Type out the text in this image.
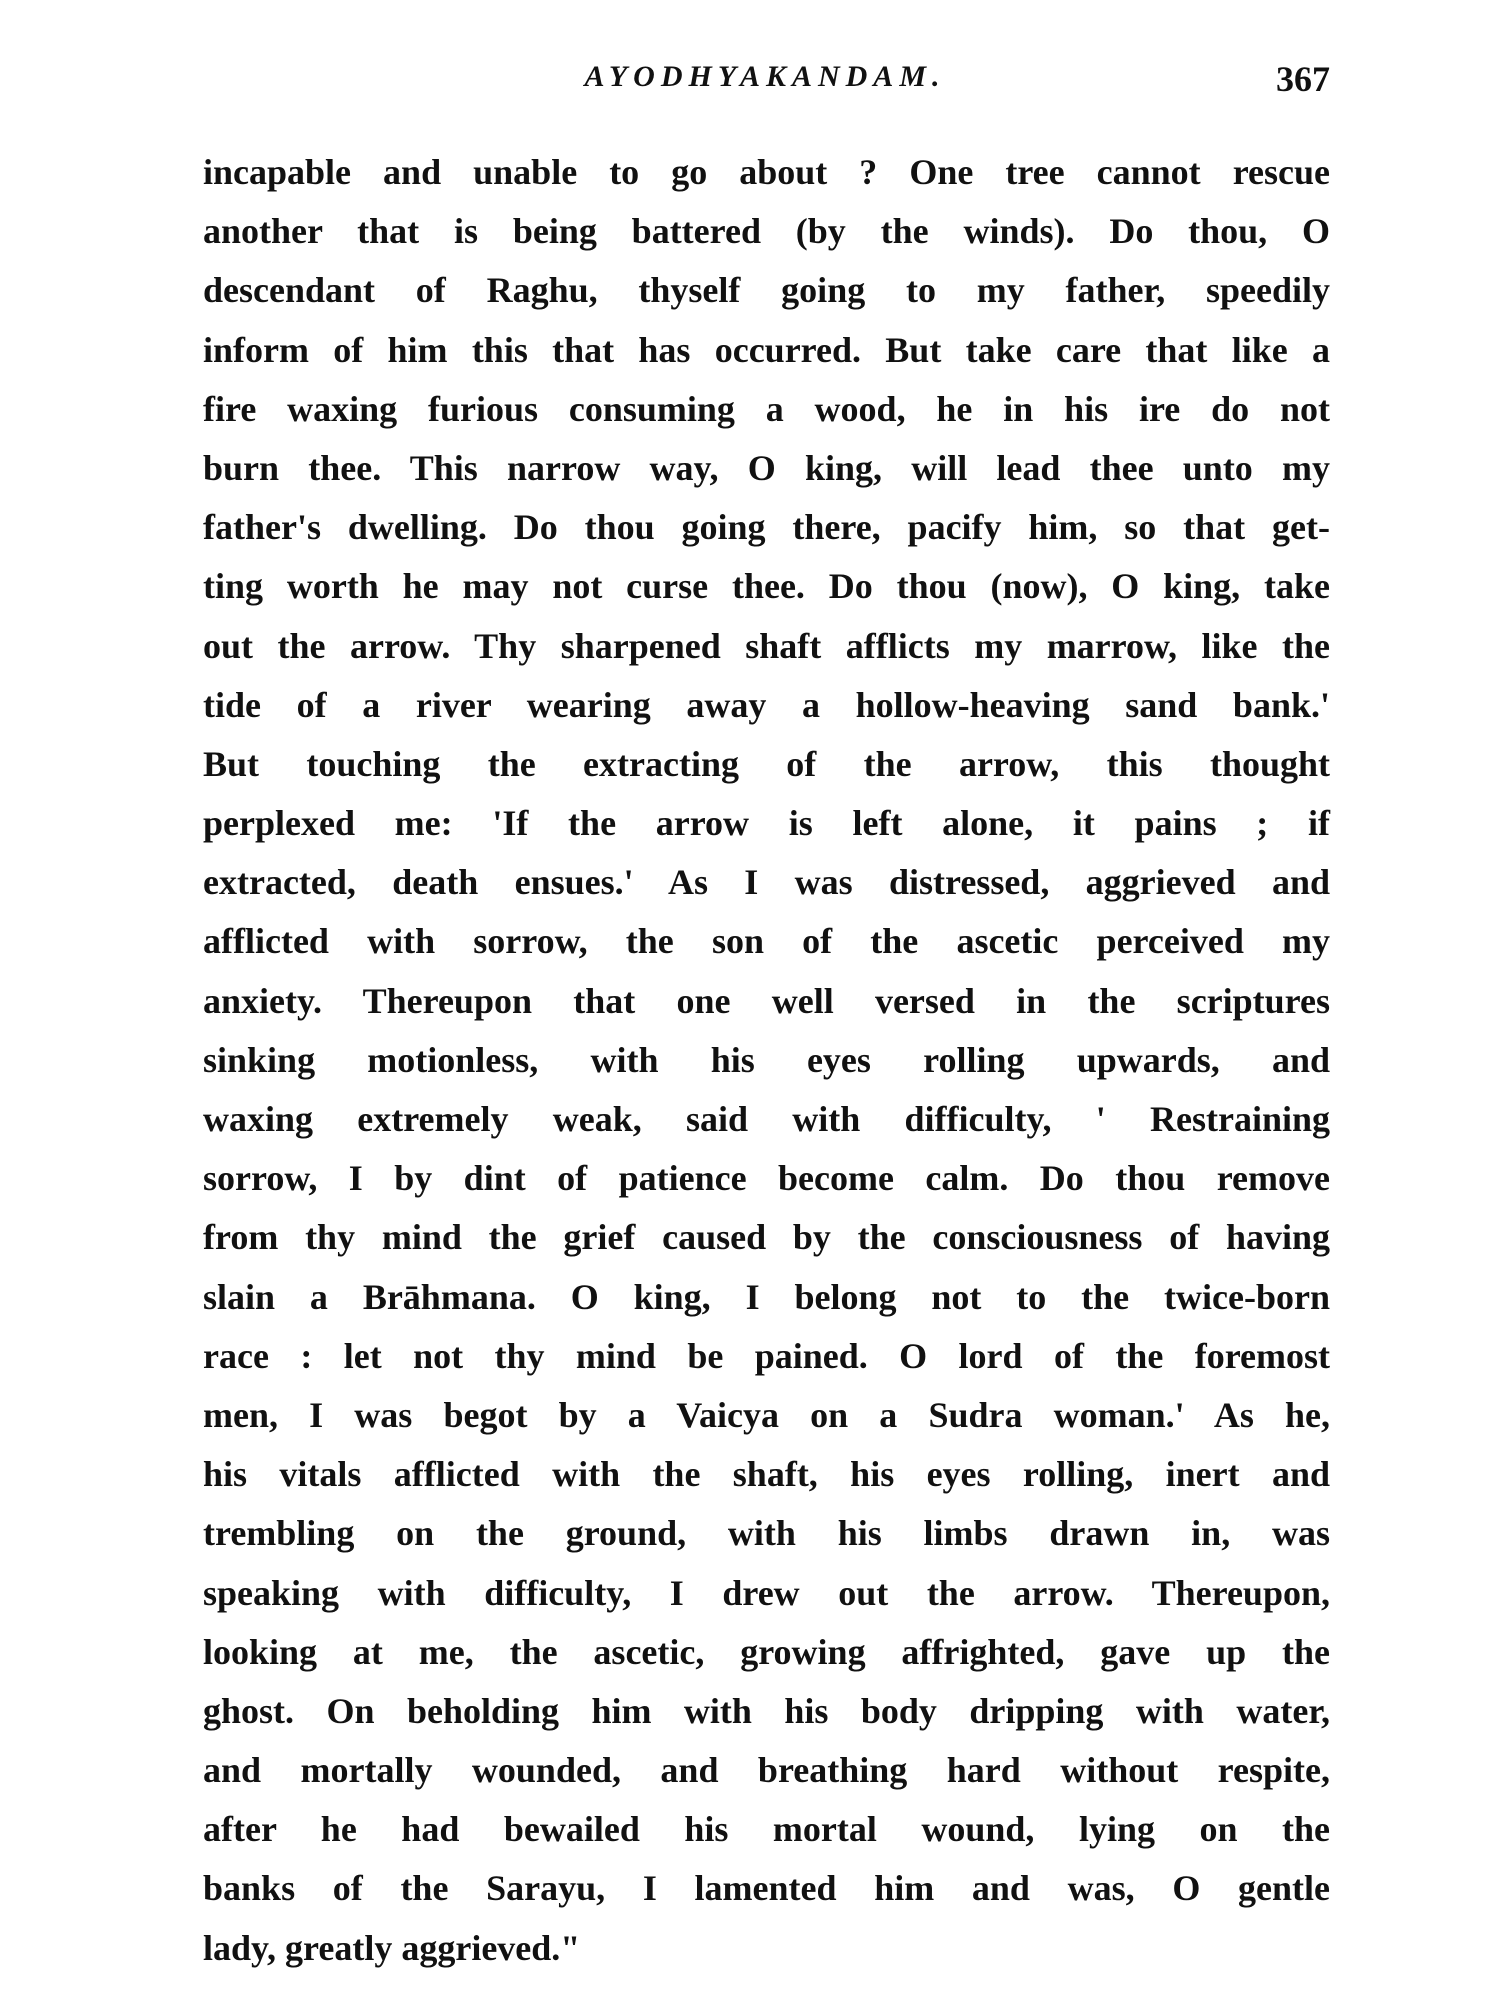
AYODHYAKANDAM.	367
incapable and unable to go about ? One tree cannot rescue
another that is being battered (by the winds). Do thou, O
descendant of Raghu, thyself going to my father, speedily
inform of him this that has occurred. But take care that like a
fire waxing furious consuming a wood, he in his ire do not
burn thee. This narrow way, O king, will lead thee unto my
father's dwelling. Do thou going there, pacify him, so that get-
ting worth he may not curse thee. Do thou (now), O king, take
out the arrow. Thy sharpened shaft afflicts my marrow, like the
tide of a river wearing away a hollow-heaving sand bank.'
But touching the extracting of the arrow, this thought
perplexed me: 'If the arrow is left alone, it pains ; if
extracted, death ensues.' As I was distressed, aggrieved and
afflicted with sorrow, the son of the ascetic perceived my
anxiety. Thereupon that one well versed in the scriptures
sinking motionless, with his eyes rolling upwards, and
waxing extremely weak, said with difficulty, ' Restraining
sorrow, I by dint of patience become calm. Do thou remove
from thy mind the grief caused by the consciousness of having
slain a Brāhmana. O king, I belong not to the twice-born
race : let not thy mind be pained. O lord of the foremost
men, I was begot by a Vaicya on a Sudra woman.' As he,
his vitals afflicted with the shaft, his eyes rolling, inert and
trembling on the ground, with his limbs drawn in, was
speaking with difficulty, I drew out the arrow. Thereupon,
looking at me, the ascetic, growing affrighted, gave up the
ghost. On beholding him with his body dripping with water,
and mortally wounded, and breathing hard without respite,
after he had bewailed his mortal wound, lying on the
banks of the Sarayu, I lamented him and was, O gentle
lady, greatly aggrieved."
